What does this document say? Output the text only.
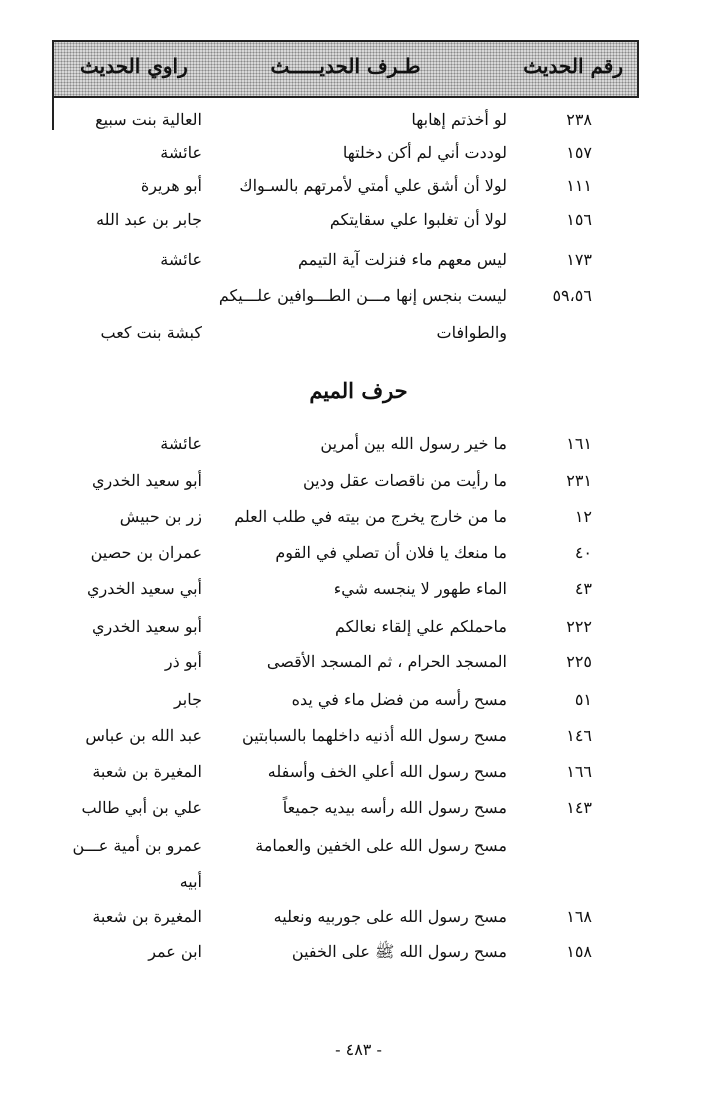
رقم الحديث
طـرف الحديـــــث
راوي الحديث
٢٣٨
لو أخذتم إهابها
العالية بنت سبيع
١٥٧
لوددت أني لم أكن دخلتها
عائشة
١١١
لولا أن أشق علي أمتي لأمرتهم بالسـواك
أبو هريرة
١٥٦
لولا أن تغلبوا علي سقايتكم
جابر بن عبد الله
١٧٣
ليس معهم ماء فنزلت آية التيمم
عائشة
٥٩،٥٦
ليست بنجس إنها مـــن الطـــوافين علـــيكم
والطوافات
كبشة بنت كعب
حرف الميم
١٦١
ما خير رسول الله بين أمرين
عائشة
٢٣١
ما رأيت من ناقصات عقل ودين
أبو سعيد الخدري
١٢
ما من خارج يخرج من بيته في طلب العلم
زر بن حبيش
٤٠
ما منعك يا فلان أن تصلي في القوم
عمران بن حصين
٤٣
الماء طهور لا ينجسه شيء
أبي سعيد الخدري
٢٢٢
ماحملكم علي إلقاء نعالكم
أبو سعيد الخدري
٢٢٥
المسجد الحرام ، ثم المسجد الأقصى
أبو ذر
٥١
مسح رأسه من فضل ماء في يده
جابر
١٤٦
مسح رسول الله أذنيه داخلهما بالسبابتين
عبد الله بن عباس
١٦٦
مسح رسول الله أعلي الخف وأسفله
المغيرة بن شعبة
١٤٣
مسح رسول الله رأسه بيديه جميعاً
علي بن أبي طالب
مسح رسول الله على الخفين والعمامة
عمرو بن أمية عـــن
أبيه
١٦٨
مسح رسول الله على جوربيه ونعليه
المغيرة بن شعبة
١٥٨
مسح رسول الله ﷺ على الخفين
ابن عمر
- ٤٨٣ -
